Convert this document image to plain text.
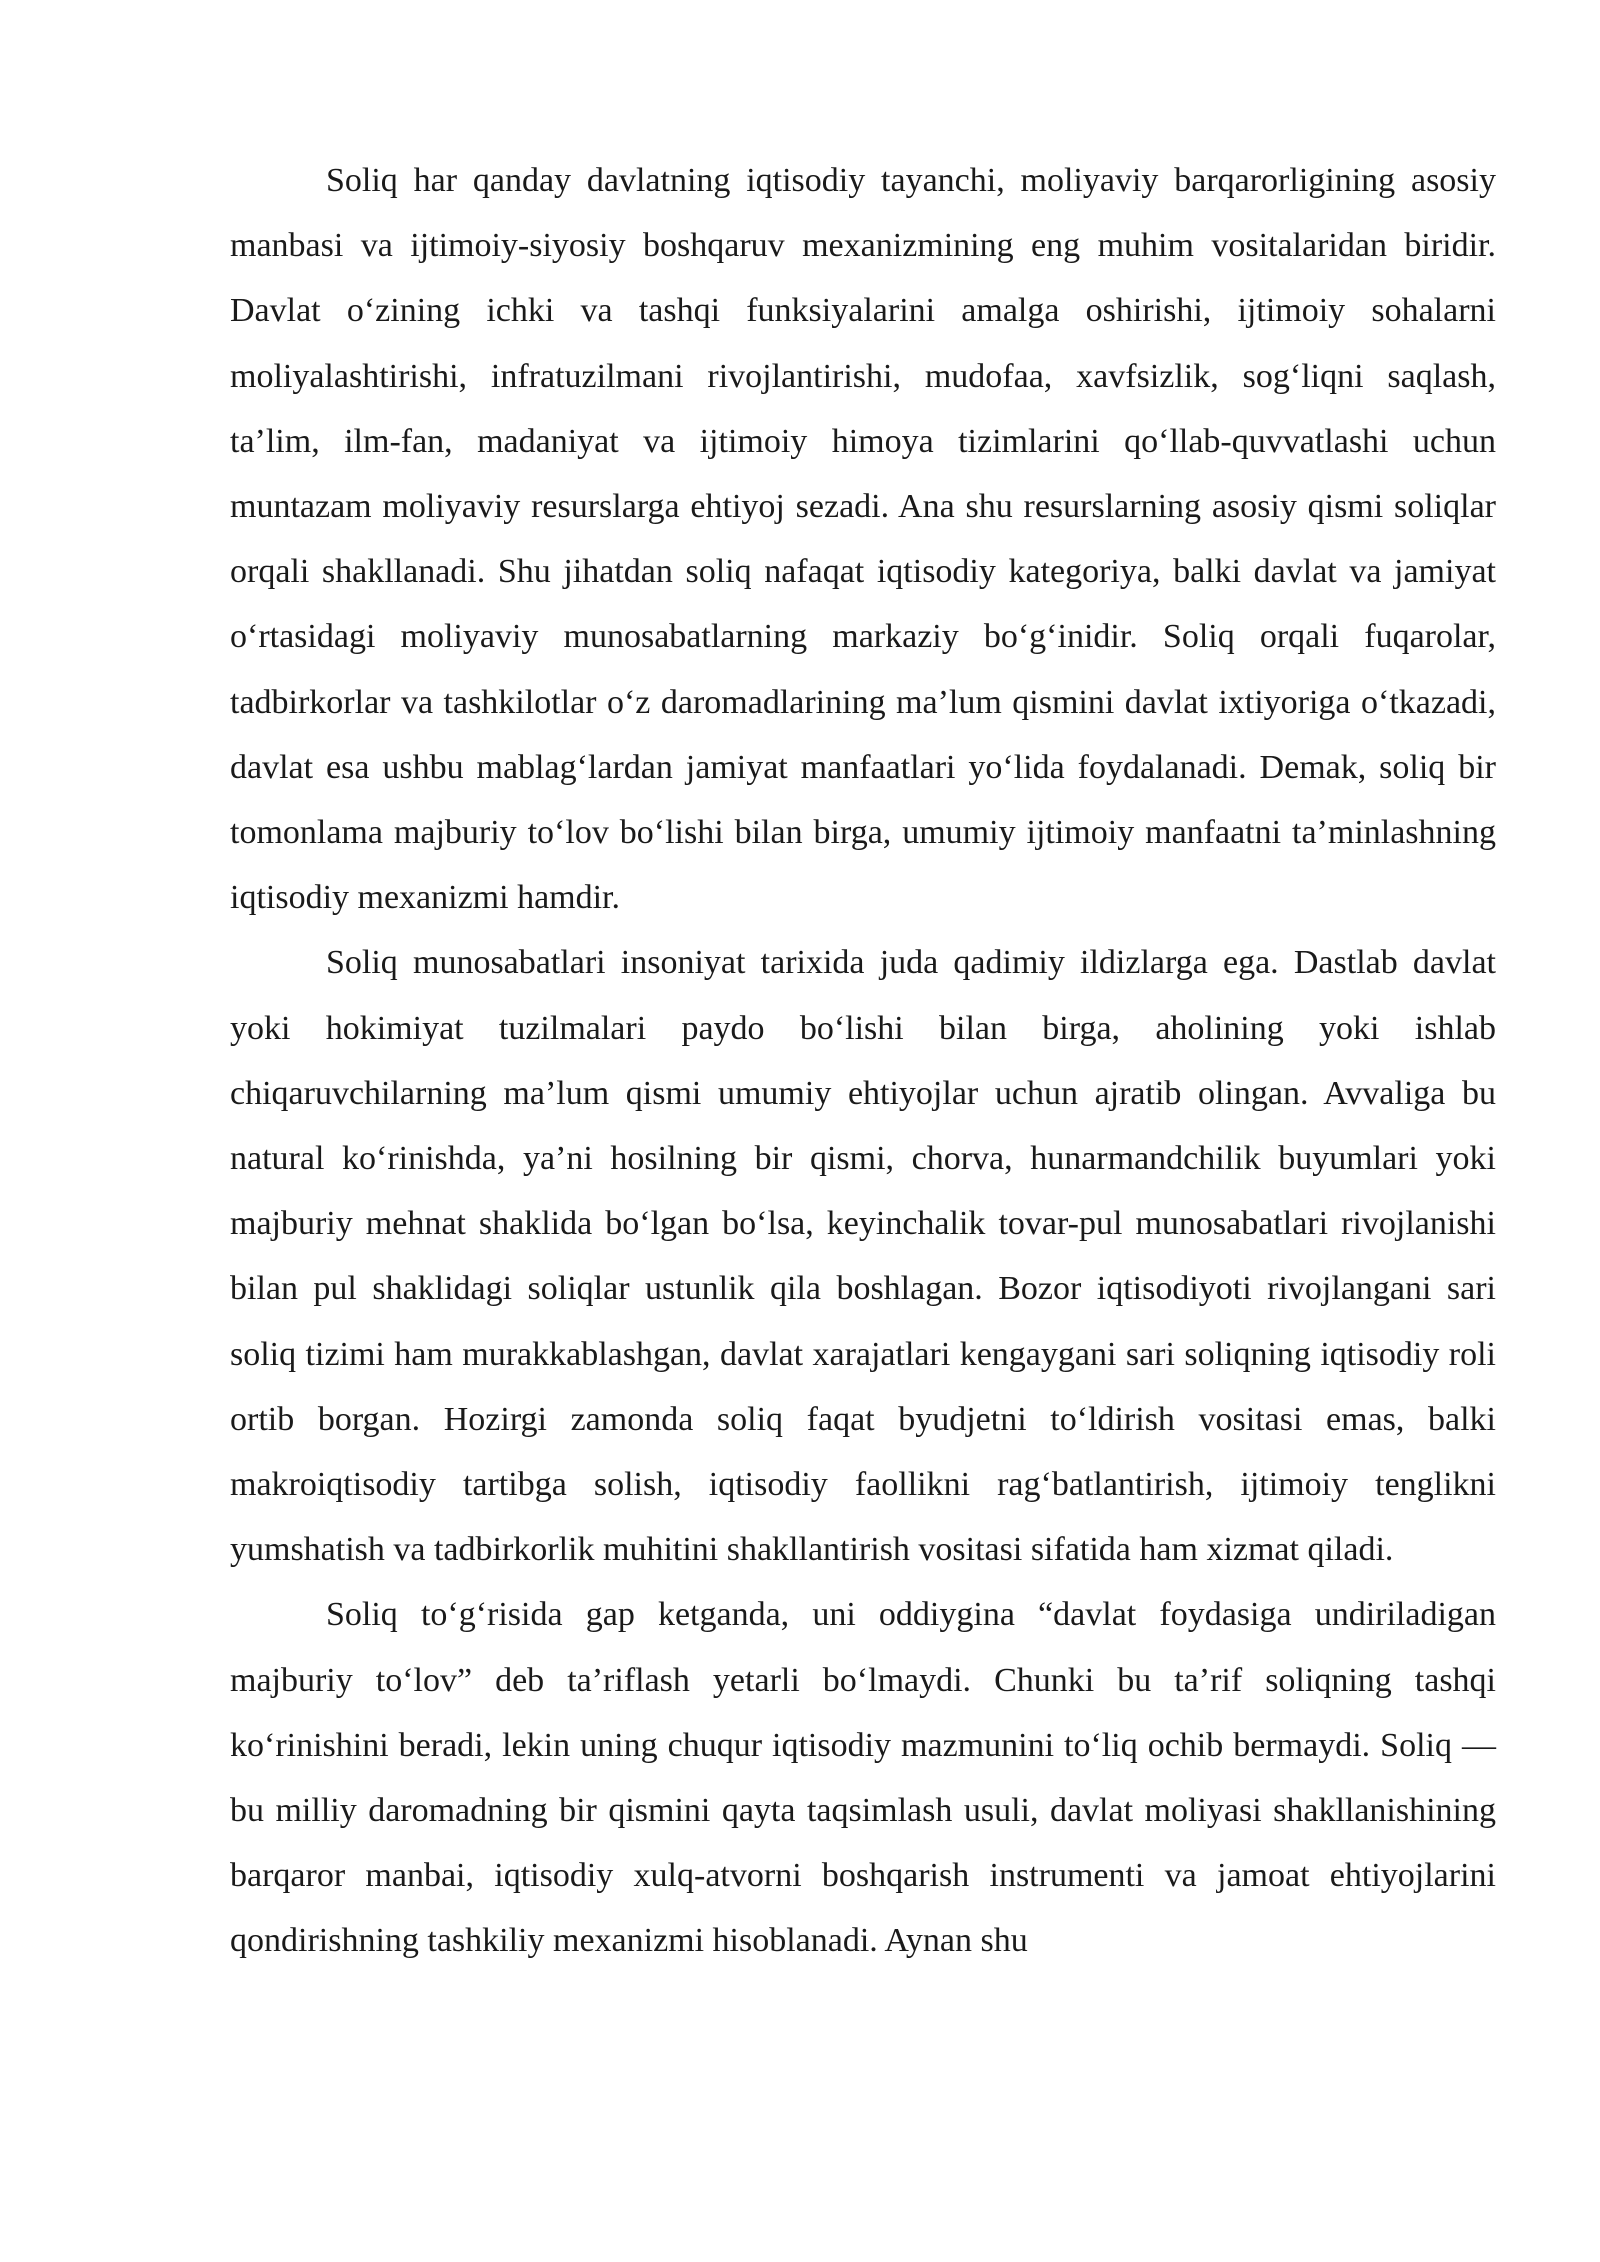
Soliq har qanday davlatning iqtisodiy tayanchi, moliyaviy barqarorligining asosiy manbasi va ijtimoiy-siyosiy boshqaruv mexanizmining eng muhim vositalaridan biridir. Davlat o‘zining ichki va tashqi funksiyalarini amalga oshirishi, ijtimoiy sohalarni moliyalashtirishi, infratuzilmani rivojlantirishi, mudofaa, xavfsizlik, sog‘liqni saqlash, ta’lim, ilm-fan, madaniyat va ijtimoiy himoya tizimlarini qo‘llab-quvvatlashi uchun muntazam moliyaviy resurslarga ehtiyoj sezadi. Ana shu resurslarning asosiy qismi soliqlar orqali shakllanadi. Shu jihatdan soliq nafaqat iqtisodiy kategoriya, balki davlat va jamiyat o‘rtasidagi moliyaviy munosabatlarning markaziy bo‘g‘inidir. Soliq orqali fuqarolar, tadbirkorlar va tashkilotlar o‘z daromadlarining ma’lum qismini davlat ixtiyoriga o‘tkazadi, davlat esa ushbu mablag‘lardan jamiyat manfaatlari yo‘lida foydalanadi. Demak, soliq bir tomonlama majburiy to‘lov bo‘lishi bilan birga, umumiy ijtimoiy manfaatni ta’minlashning iqtisodiy mexanizmi hamdir.

Soliq munosabatlari insoniyat tarixida juda qadimiy ildizlarga ega. Dastlab davlat yoki hokimiyat tuzilmalari paydo bo‘lishi bilan birga, aholining yoki ishlab chiqaruvchilarning ma’lum qismi umumiy ehtiyojlar uchun ajratib olingan. Avvaliga bu natural ko‘rinishda, ya’ni hosilning bir qismi, chorva, hunarmandchilik buyumlari yoki majburiy mehnat shaklida bo‘lgan bo‘lsa, keyinchalik tovar-pul munosabatlari rivojlanishi bilan pul shaklidagi soliqlar ustunlik qila boshlagan. Bozor iqtisodiyoti rivojlangani sari soliq tizimi ham murakkablashgan, davlat xarajatlari kengaygani sari soliqning iqtisodiy roli ortib borgan. Hozirgi zamonda soliq faqat byudjetni to‘ldirish vositasi emas, balki makroiqtisodiy tartibga solish, iqtisodiy faollikni rag‘batlantirish, ijtimoiy tenglikni yumshatish va tadbirkorlik muhitini shakllantirish vositasi sifatida ham xizmat qiladi.

Soliq to‘g‘risida gap ketganda, uni oddiygina “davlat foydasiga undiriladigan majburiy to‘lov” deb ta’riflash yetarli bo‘lmaydi. Chunki bu ta’rif soliqning tashqi ko‘rinishini beradi, lekin uning chuqur iqtisodiy mazmunini to‘liq ochib bermaydi. Soliq — bu milliy daromadning bir qismini qayta taqsimlash usuli, davlat moliyasi shakllanishining barqaror manbai, iqtisodiy xulq-atvorni boshqarish instrumenti va jamoat ehtiyojlarini qondirishning tashkiliy mexanizmi hisoblanadi. Aynan shu
